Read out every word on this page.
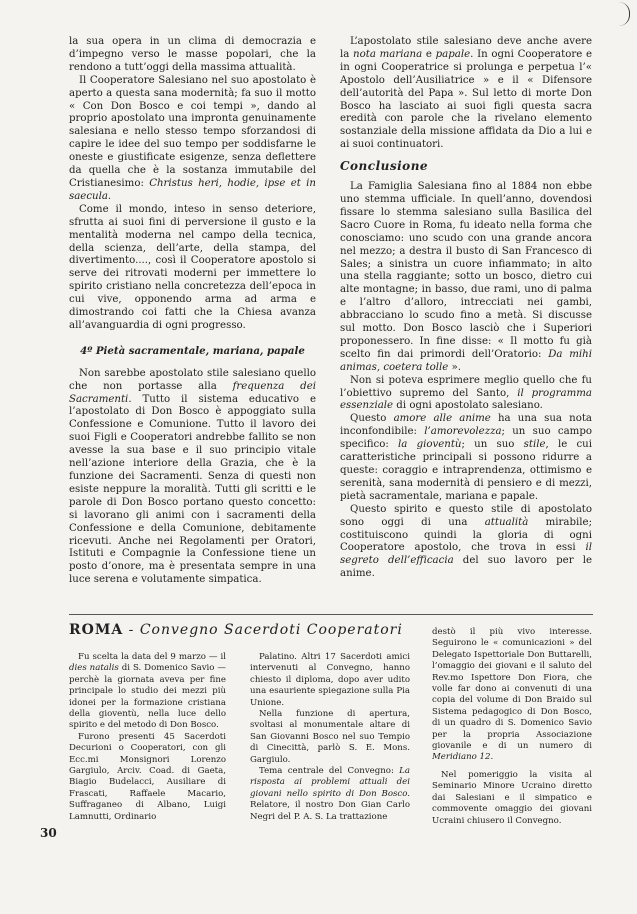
la sua opera in un clima di democrazia e d’impegno verso le masse popolari, che la rendono a tutt’oggi della massima attualità.

Il Cooperatore Salesiano nel suo apostolato è aperto a questa sana modernità; fa suo il motto « Con Don Bosco e coi tempi », dando al proprio apostolato una impronta genuinamente salesiana e nello stesso tempo sforzandosi di capire le idee del suo tempo per soddisfarne le oneste e giustificate esigenze, senza deflettere da quella che è la sostanza immutabile del Cristianesimo: Christus heri, hodie, ipse et in saecula.

Come il mondo, inteso in senso deteriore, sfrutta ai suoi fini di perversione il gusto e la mentalità moderna nel campo della tecnica, della scienza, dell’arte, della stampa, del divertimento...., così il Cooperatore apostolo si serve dei ritrovati moderni per immettere lo spirito cristiano nella concretezza dell’epoca in cui vive, opponendo arma ad arma e dimostrando coi fatti che la Chiesa avanza all’avanguardia di ogni progresso.

4º Pietà sacramentale, mariana, papale

Non sarebbe apostolato stile salesiano quello che non portasse alla frequenza dei Sacramenti. Tutto il sistema educativo e l’apostolato di Don Bosco è appoggiato sulla Confessione e Comunione. Tutto il lavoro dei suoi Figli e Cooperatori andrebbe fallito se non avesse la sua base e il suo principio vitale nell’azione interiore della Grazia, che è la funzione dei Sacramenti. Senza di questi non esiste neppure la moralità. Tutti gli scritti e le parole di Don Bosco portano questo concetto: si lavorano gli animi con i sacramenti della Confessione e della Comunione, debitamente ricevuti. Anche nei Regolamenti per Oratori, Istituti e Compagnie la Confessione tiene un posto d’onore, ma è presentata sempre in una luce serena e volutamente simpatica.

L’apostolato stile salesiano deve anche avere la nota mariana e papale. In ogni Cooperatore e in ogni Cooperatrice si prolunga e perpetua l’« Apostolo dell’Ausiliatrice » e il « Difensore dell’autorità del Papa ». Sul letto di morte Don Bosco ha lasciato ai suoi figli questa sacra eredità con parole che la rivelano elemento sostanziale della missione affidata da Dio a lui e ai suoi continuatori.

Conclusione

La Famiglia Salesiana fino al 1884 non ebbe uno stemma ufficiale. In quell’anno, dovendosi fissare lo stemma salesiano sulla Basilica del Sacro Cuore in Roma, fu ideato nella forma che conosciamo: uno scudo con una grande ancora nel mezzo; a destra il busto di San Francesco di Sales; a sinistra un cuore infiammato; in alto una stella raggiante; sotto un bosco, dietro cui alte montagne; in basso, due rami, uno di palma e l’altro d’alloro, intrecciati nei gambi, abbracciano lo scudo fino a metà. Si discusse sul motto. Don Bosco lasciò che i Superiori proponessero. In fine disse: « Il motto fu già scelto fin dai primordi dell’Oratorio: Da mihi animas, coetera tolle ».

Non si poteva esprimere meglio quello che fu l’obiettivo supremo del Santo, il programma essenziale di ogni apostolato salesiano.

Questo amore alle anime ha una sua nota inconfondibile: l’amorevolezza; un suo campo specifico: la gioventù; un suo stile, le cui caratteristiche principali si possono ridurre a queste: coraggio e intraprendenza, ottimismo e serenità, sana modernità di pensiero e di mezzi, pietà sacramentale, mariana e papale.

Questo spirito e questo stile di apostolato sono oggi di una attualità mirabile; costituiscono quindi la gloria di ogni Cooperatore apostolo, che trova in essi il segreto dell’efficacia del suo lavoro per le anime.

ROMA - Convegno Sacerdoti Cooperatori

Fu scelta la data del 9 marzo — il dies natalis di S. Domenico Savio — perchè la giornata aveva per fine principale lo studio dei mezzi più idonei per la formazione cristiana della gioventù, nella luce dello spirito e del metodo di Don Bosco.

Furono presenti 45 Sacerdoti Decurioni o Cooperatori, con gli Ecc.mi Monsignori Lorenzo Gargiulo, Arciv. Coad. di Gaeta, Biagio Budelacci, Ausiliare di Frascati, Raffaele Macario, Suffraganeo di Albano, Luigi Lamnutti, Ordinario

Palatino. Altri 17 Sacerdoti amici intervenuti al Convegno, hanno chiesto il diploma, dopo aver udito una esauriente spiegazione sulla Pia Unione.

Nella funzione di apertura, svoltasi al monumentale altare di San Giovanni Bosco nel suo Tempio di Cinecittà, parlò S. E. Mons. Gargiulo.

Tema centrale del Convegno: La risposta ai problemi attuali dei giovani nello spirito di Don Bosco. Relatore, il nostro Don Gian Carlo Negri del P. A. S. La trattazione

destò il più vivo interesse. Seguirono le « comunicazioni » del Delegato Ispettoriale Don Buttarelli, l’omaggio dei giovani e il saluto del Rev.mo Ispettore Don Fiora, che volle far dono ai convenuti di una copia del volume di Don Braido sul Sistema pedagogico di Don Bosco, di un quadro di S. Domenico Savio per la propria Associazione giovanile e di un numero di Meridiano 12.

Nel pomeriggio la visita al Seminario Minore Ucraino diretto dai Salesiani e il simpatico e commovente omaggio dei giovani Ucraini chiusero il Convegno.

30
